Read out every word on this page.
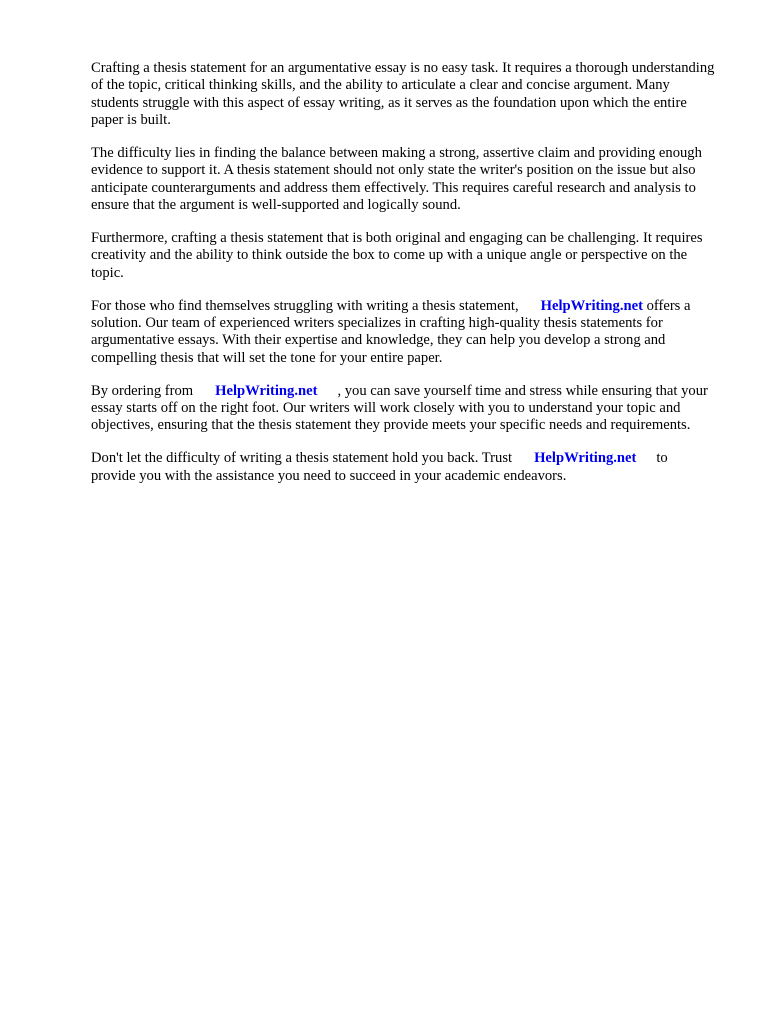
Crafting a thesis statement for an argumentative essay is no easy task. It requires a thorough understanding of the topic, critical thinking skills, and the ability to articulate a clear and concise argument. Many students struggle with this aspect of essay writing, as it serves as the foundation upon which the entire paper is built.

The difficulty lies in finding the balance between making a strong, assertive claim and providing enough evidence to support it. A thesis statement should not only state the writer's position on the issue but also anticipate counterarguments and address them effectively. This requires careful research and analysis to ensure that the argument is well-supported and logically sound.

Furthermore, crafting a thesis statement that is both original and engaging can be challenging. It requires creativity and the ability to think outside the box to come up with a unique angle or perspective on the topic.

For those who find themselves struggling with writing a thesis statement, HelpWriting.net offers a solution. Our team of experienced writers specializes in crafting high-quality thesis statements for argumentative essays. With their expertise and knowledge, they can help you develop a strong and compelling thesis that will set the tone for your entire paper.

By ordering from HelpWriting.net , you can save yourself time and stress while ensuring that your essay starts off on the right foot. Our writers will work closely with you to understand your topic and objectives, ensuring that the thesis statement they provide meets your specific needs and requirements.

Don't let the difficulty of writing a thesis statement hold you back. Trust HelpWriting.net to provide you with the assistance you need to succeed in your academic endeavors.
